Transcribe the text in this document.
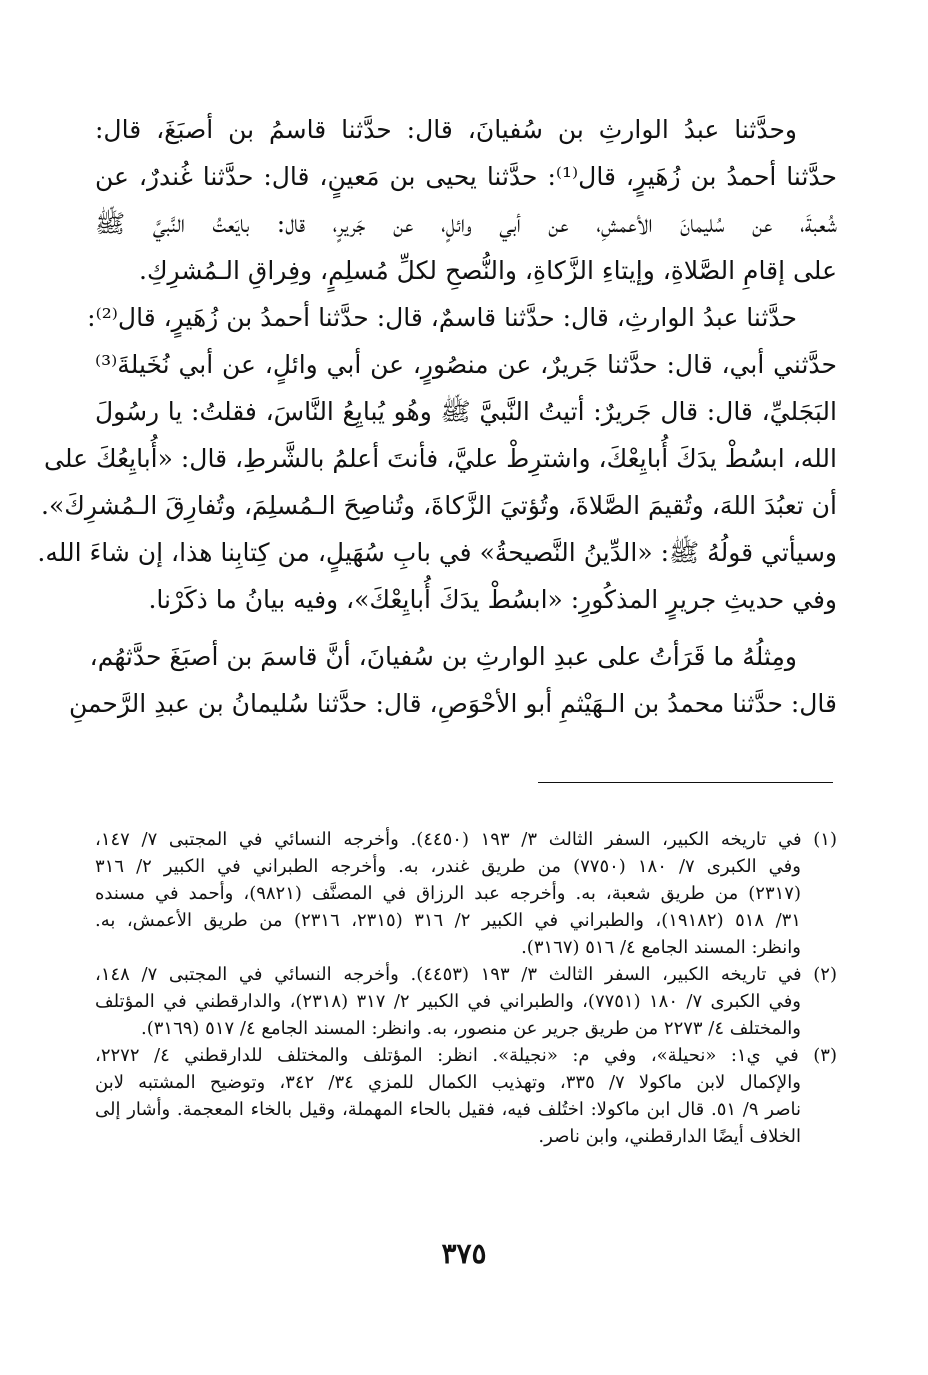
وحدَّثنا عبدُ الوارثِ بن سُفيانَ، قال: حدَّثنا قاسمُ بن أصبَغَ، قال:
حدَّثنا أحمدُ بن زُهَيرٍ، قال⁽¹⁾: حدَّثنا يحيى بن مَعينٍ، قال: حدَّثنا غُندرٌ، عن
شُعبةَ، عن سُليمانَ الأعمشِ، عن أبي وائلٍ، عن جَريرٍ، قال: بايَعتُ النَّبيَّ ﷺ
على إقامِ الصَّلاةِ، وإيتاءِ الزَّكاةِ، والنُّصحِ لكلِّ مُسلِمٍ، وفِراقِ الـمُشرِكِ.
حدَّثنا عبدُ الوارثِ، قال: حدَّثنا قاسمٌ، قال: حدَّثنا أحمدُ بن زُهَيرٍ، قال⁽²⁾:
حدَّثني أبي، قال: حدَّثنا جَريرٌ، عن منصُورٍ، عن أبي وائلٍ، عن أبي نُخَيلةَ⁽³⁾
البَجَليِّ، قال: قال جَريرٌ: أتيتُ النَّبيَّ ﷺ وهُو يُبايِعُ النَّاسَ، فقلتُ: يا رسُولَ
الله، ابسُطْ يدَكَ أُبايِعْكَ، واشترِطْ عليَّ، فأنتَ أعلمُ بالشَّرطِ، قال: «أُبايِعُكَ على
أن تعبُدَ اللهَ، وتُقيمَ الصَّلاةَ، وتُؤتيَ الزَّكاةَ، وتُناصِحَ الـمُسلِمَ، وتُفارِقَ الـمُشرِكَ».
وسيأتي قولُهُ ﷺ: «الدِّينُ النَّصيحةُ» في بابِ سُهَيلٍ، من كِتابِنا هذا، إن شاءَ الله.
وفي حديثِ جريرٍ المذكُورِ: «ابسُطْ يدَكَ أُبايِعْكَ»، وفيه بيانُ ما ذكَرْنا.
ومِثلُهُ ما قَرَأتُ على عبدِ الوارثِ بن سُفيانَ، أنَّ قاسمَ بن أصبَغَ حدَّثهُم،
قال: حدَّثنا محمدُ بن الـهَيْثمِ أبو الأحْوَصِ، قال: حدَّثنا سُليمانُ بن عبدِ الرَّحمنِ
(١) في تاريخه الكبير، السفر الثالث ٣/ ١٩٣ (٤٤٥٠). وأخرجه النسائي في المجتبى ٧/ ١٤٧،
وفي الكبرى ٧/ ١٨٠ (٧٧٥٠) من طريق غندر، به. وأخرجه الطبراني في الكبير ٢/ ٣١٦
(٢٣١٧) من طريق شعبة، به. وأخرجه عبد الرزاق في المصنَّف (٩٨٢١)، وأحمد في مسنده
٣١/ ٥١٨ (١٩١٨٢)، والطبراني في الكبير ٢/ ٣١٦ (٢٣١٥، ٢٣١٦) من طريق الأعمش، به.
وانظر: المسند الجامع ٤/ ٥١٦ (٣١٦٧).
(٢) في تاريخه الكبير، السفر الثالث ٣/ ١٩٣ (٤٤٥٣). وأخرجه النسائي في المجتبى ٧/ ١٤٨،
وفي الكبرى ٧/ ١٨٠ (٧٧٥١)، والطبراني في الكبير ٢/ ٣١٧ (٢٣١٨)، والدارقطني في المؤتلف
والمختلف ٤/ ٢٢٧٣ من طريق جرير عن منصور، به. وانظر: المسند الجامع ٤/ ٥١٧ (٣١٦٩).
(٣) في ي١: «نحيلة»، وفي م: «نجيلة». انظر: المؤتلف والمختلف للدارقطني ٤/ ٢٢٧٢،
والإكمال لابن ماكولا ٧/ ٣٣٥، وتهذيب الكمال للمزي ٣٤/ ٣٤٢، وتوضيح المشتبه لابن
ناصر ٩/ ٥١. قال ابن ماكولا: اختُلف فيه، فقيل بالحاء المهملة، وقيل بالخاء المعجمة. وأشار إلى
الخلاف أيضًا الدارقطني، وابن ناصر.
٣٧٥
